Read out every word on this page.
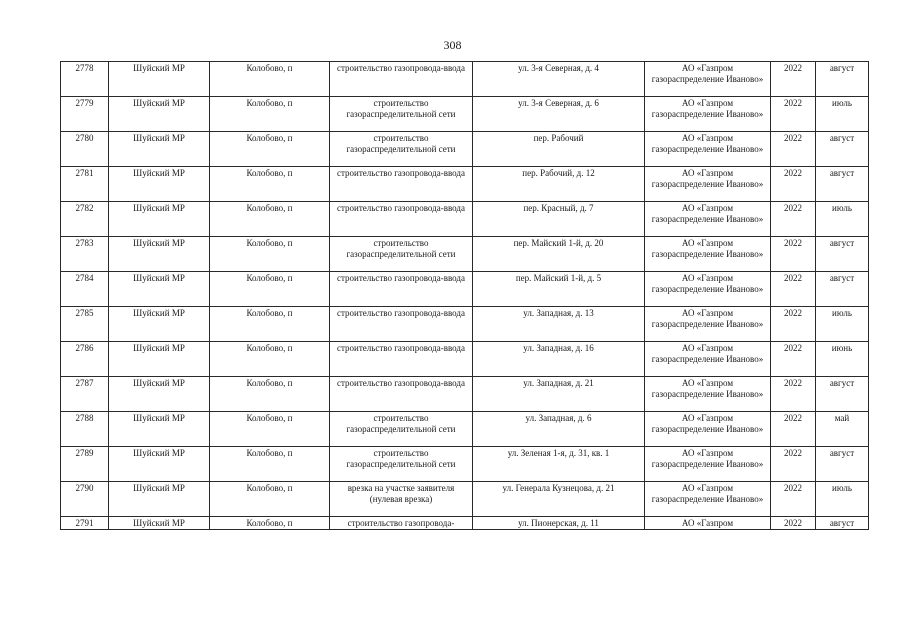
308
2778	Шуйский МР	Колобово, п	строительство газопровода-ввода	ул. 3-я Северная, д. 4	АО «Газпром газораспределение Иваново»	2022	август
2779	Шуйский МР	Колобово, п	строительство газораспределительной сети	ул. 3-я Северная, д. 6	АО «Газпром газораспределение Иваново»	2022	июль
2780	Шуйский МР	Колобово, п	строительство газораспределительной сети	пер. Рабочий	АО «Газпром газораспределение Иваново»	2022	август
2781	Шуйский МР	Колобово, п	строительство газопровода-ввода	пер. Рабочий, д. 12	АО «Газпром газораспределение Иваново»	2022	август
2782	Шуйский МР	Колобово, п	строительство газопровода-ввода	пер. Красный, д. 7	АО «Газпром газораспределение Иваново»	2022	июль
2783	Шуйский МР	Колобово, п	строительство газораспределительной сети	пер. Майский 1-й, д. 20	АО «Газпром газораспределение Иваново»	2022	август
2784	Шуйский МР	Колобово, п	строительство газопровода-ввода	пер. Майский 1-й, д. 5	АО «Газпром газораспределение Иваново»	2022	август
2785	Шуйский МР	Колобово, п	строительство газопровода-ввода	ул. Западная, д. 13	АО «Газпром газораспределение Иваново»	2022	июль
2786	Шуйский МР	Колобово, п	строительство газопровода-ввода	ул. Западная, д. 16	АО «Газпром газораспределение Иваново»	2022	июнь
2787	Шуйский МР	Колобово, п	строительство газопровода-ввода	ул. Западная, д. 21	АО «Газпром газораспределение Иваново»	2022	август
2788	Шуйский МР	Колобово, п	строительство газораспределительной сети	ул. Западная, д. 6	АО «Газпром газораспределение Иваново»	2022	май
2789	Шуйский МР	Колобово, п	строительство газораспределительной сети	ул. Зеленая 1-я, д. 31, кв. 1	АО «Газпром газораспределение Иваново»	2022	август
2790	Шуйский МР	Колобово, п	врезка на участке заявителя (нулевая врезка)	ул. Генерала Кузнецова, д. 21	АО «Газпром газораспределение Иваново»	2022	июль
2791	Шуйский МР	Колобово, п	строительство газопровода-	ул. Пионерская, д. 11	АО «Газпром	2022	август
